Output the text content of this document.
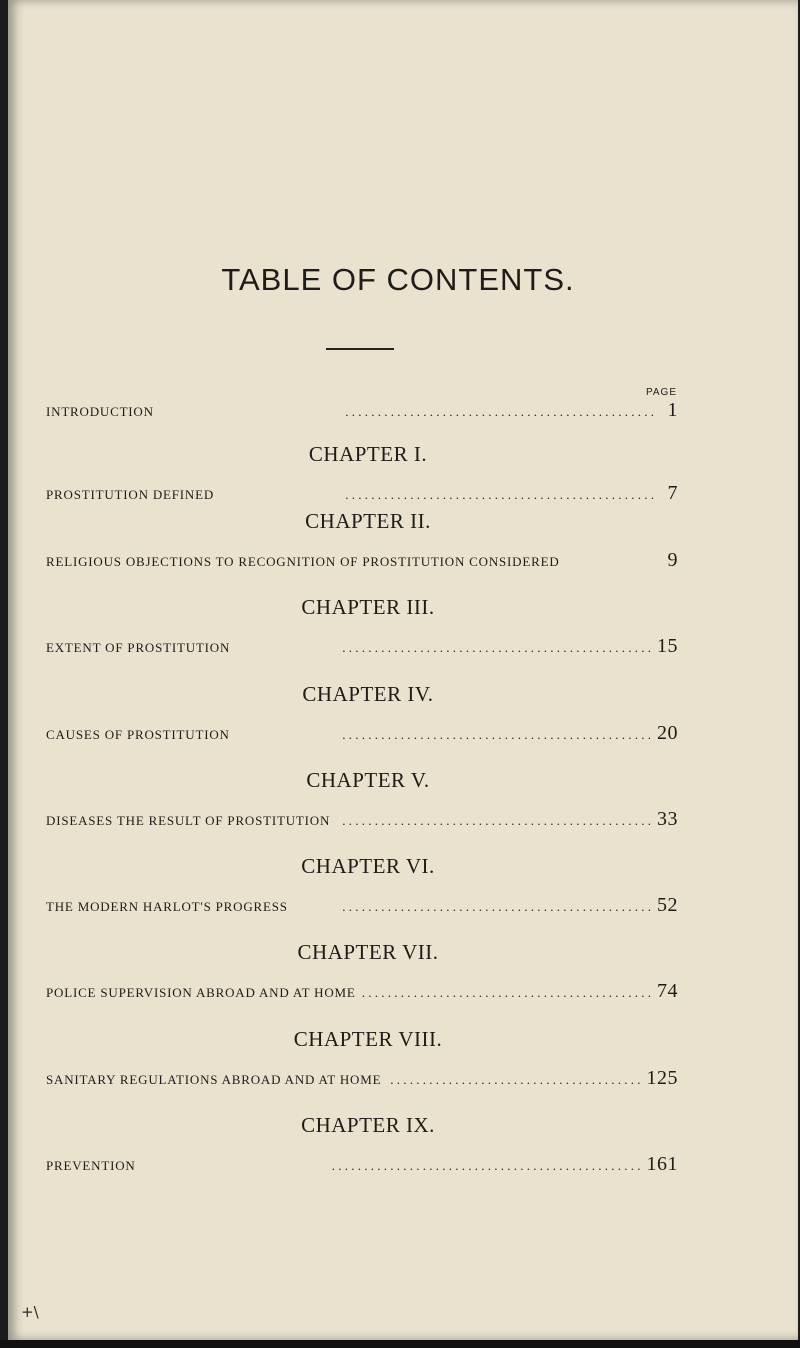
TABLE OF CONTENTS.
PAGE
INTRODUCTION . . .	1
CHAPTER I.
PROSTITUTION DEFINED . . .	7
CHAPTER II.
RELIGIOUS OBJECTIONS TO RECOGNITION OF PROSTITUTION CONSIDERED	9
CHAPTER III.
EXTENT OF PROSTITUTION . . .	15
CHAPTER IV.
CAUSES OF PROSTITUTION . . .	20
CHAPTER V.
DISEASES THE RESULT OF PROSTITUTION . . .	33
CHAPTER VI.
THE MODERN HARLOT'S PROGRESS . . .	52
CHAPTER VII.
POLICE SUPERVISION ABROAD AND AT HOME . . .	74
CHAPTER VIII.
SANITARY REGULATIONS ABROAD AND AT HOME . . .	125
CHAPTER IX.
PREVENTION . . .	161
+\
